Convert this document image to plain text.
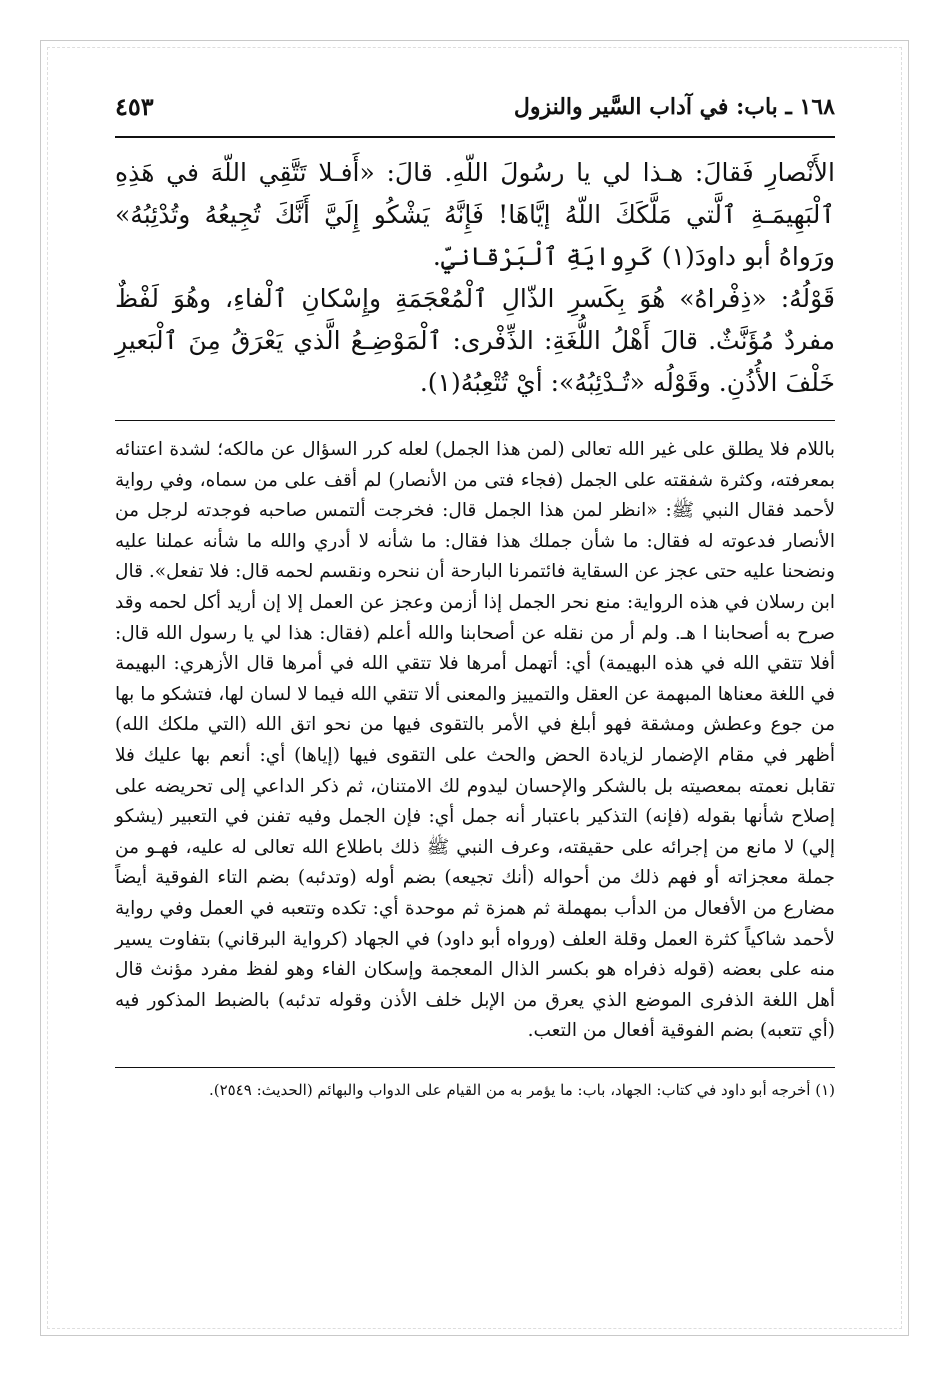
١٦٨ ـ باب: في آداب السَّير والنزول
٤٥٣

الأَنْصارِ فَقالَ: هـذا لي يا رسُولَ اللّهِ. قالَ: «أَفـلا تَتَّقِي اللّهَ في هَذِهِ ٱلْبَهِيمَـةِ ٱلَّتي مَلَّكَكَ اللّهُ إيَّاهَا! فَإِنَّهُ يَشْكُو إِلَيَّ أَنَّكَ تُجِيعُهُ وتُدْئِبُهُ» ورَواهُ أبو داودَ(١) كَرِوايَةِ ٱلْبَرْقانيِّ.

قَوْلُهُ: «ذِفْراهُ» هُوَ بِكَسرِ الذّالِ ٱلْمُعْجَمَةِ وإِسْكانِ ٱلْفاءِ، وهُوَ لَفْظٌ مفردٌ مُؤَنَّثٌ. قالَ أَهْلُ اللُّغَةِ: الذِّفْرى: ٱلْمَوْضِـعُ الَّذي يَعْرَقُ مِنَ ٱلْبَعيرِ خَلْفَ الأُذُنِ. وقَوْلُه «تُـدْئِبُهُ»: أيْ تُتْعِبُهُ(١).

باللام فلا يطلق على غير الله تعالى (لمن هذا الجمل) لعله كرر السؤال عن مالكه؛ لشدة اعتنائه بمعرفته، وكثرة شفقته على الجمل (فجاء فتى من الأنصار) لم أقف على من سماه، وفي رواية لأحمد فقال النبي ﷺ: «انظر لمن هذا الجمل قال: فخرجت ألتمس صاحبه فوجدته لرجل من الأنصار فدعوته له فقال: ما شأن جملك هذا فقال: ما شأنه لا أدري والله ما شأنه عملنا عليه ونضحنا عليه حتى عجز عن السقاية فائتمرنا البارحة أن ننحره ونقسم لحمه قال: فلا تفعل». قال ابن رسلان في هذه الرواية: منع نحر الجمل إذا أزمن وعجز عن العمل إلا إن أريد أكل لحمه وقد صرح به أصحابنا ا هـ. ولم أر من نقله عن أصحابنا والله أعلم (فقال: هذا لي يا رسول الله قال: أفلا تتقي الله في هذه البهيمة) أي: أتهمل أمرها فلا تتقي الله في أمرها قال الأزهري: البهيمة في اللغة معناها المبهمة عن العقل والتمييز والمعنى ألا تتقي الله فيما لا لسان لها، فتشكو ما بها من جوع وعطش ومشقة فهو أبلغ في الأمر بالتقوى فيها من نحو اتق الله (التي ملكك الله) أظهر في مقام الإضمار لزيادة الحض والحث على التقوى فيها (إياها) أي: أنعم بها عليك فلا تقابل نعمته بمعصيته بل بالشكر والإحسان ليدوم لك الامتنان، ثم ذكر الداعي إلى تحريضه على إصلاح شأنها بقوله (فإنه) التذكير باعتبار أنه جمل أي: فإن الجمل وفيه تفنن في التعبير (يشكو إلي) لا مانع من إجرائه على حقيقته، وعرف النبي ﷺ ذلك باطلاع الله تعالى له عليه، فهـو من جملة معجزاته أو فهم ذلك من أحواله (أنك تجيعه) بضم أوله (وتدئبه) بضم التاء الفوقية أيضاً مضارع من الأفعال من الدأب بمهملة ثم همزة ثم موحدة أي: تكده وتتعبه في العمل وفي رواية لأحمد شاكياً كثرة العمل وقلة العلف (ورواه أبو داود) في الجهاد (كرواية البرقاني) بتفاوت يسير منه على بعضه (قوله ذفراه هو بكسر الذال المعجمة وإسكان الفاء وهو لفظ مفرد مؤنث قال أهل اللغة الذفرى الموضع الذي يعرق من الإبل خلف الأذن وقوله تدئبه) بالضبط المذكور فيه (أي تتعبه) بضم الفوقية أفعال من التعب.

(١) أخرجه أبو داود في كتاب: الجهاد، باب: ما يؤمر به من القيام على الدواب والبهائم (الحديث: ٢٥٤٩).
